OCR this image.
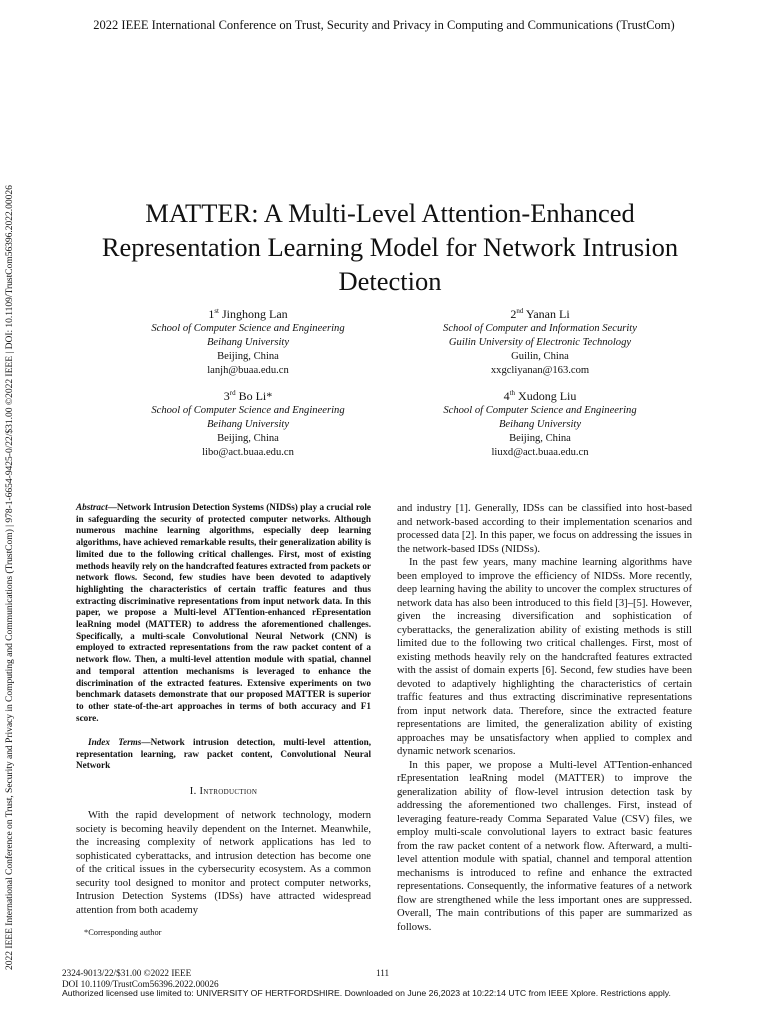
2022 IEEE International Conference on Trust, Security and Privacy in Computing and Communications (TrustCom)
2022 IEEE International Conference on Trust, Security and Privacy in Computing and Communications (TrustCom) | 978-1-6654-9425-0/22/$31.00 ©2022 IEEE | DOI: 10.1109/TrustCom56396.2022.00026	MATTER: A Multi-Level Attention-Enhanced Representation Learning Model for Network Intrusion Detection
1st Jinghong Lan
School of Computer Science and Engineering
Beihang University
Beijing, China
lanjh@buaa.edu.cn
2nd Yanan Li
School of Computer and Information Security
Guilin University of Electronic Technology
Guilin, China
xxgcliyanan@163.com
3rd Bo Li*
School of Computer Science and Engineering
Beihang University
Beijing, China
libo@act.buaa.edu.cn
4th Xudong Liu
School of Computer Science and Engineering
Beihang University
Beijing, China
liuxd@act.buaa.edu.cn
Abstract—Network Intrusion Detection Systems (NIDSs) play a crucial role in safeguarding the security of protected computer networks. Although numerous machine learning algorithms, especially deep learning algorithms, have achieved remarkable results, their generalization ability is limited due to the following critical challenges. First, most of existing methods heavily rely on the handcrafted features extracted from packets or network flows. Second, few studies have been devoted to adaptively highlighting the characteristics of certain traffic features and thus extracting discriminative representations from input network data. In this paper, we propose a Multi-level ATTention-enhanced rEpresentation leaRning model (MATTER) to address the aforementioned challenges. Specifically, a multi-scale Convolutional Neural Network (CNN) is employed to extracted representations from the raw packet content of a network flow. Then, a multi-level attention module with spatial, channel and temporal attention mechanisms is leveraged to enhance the discrimination of the extracted features. Extensive experiments on two benchmark datasets demonstrate that our proposed MATTER is superior to other state-of-the-art approaches in terms of both accuracy and F1 score.
Index Terms—Network intrusion detection, multi-level attention, representation learning, raw packet content, Convolutional Neural Network
I. Introduction

With the rapid development of network technology, modern society is becoming heavily dependent on the Internet. Meanwhile, the increasing complexity of network applications has led to sophisticated cyberattacks, and intrusion detection has become one of the critical issues in the cybersecurity ecosystem. As a common security tool designed to monitor and protect computer networks, Intrusion Detection Systems (IDSs) have attracted widespread attention from both academy

*Corresponding author

and industry [1]. Generally, IDSs can be classified into host-based and network-based according to their implementation scenarios and processed data [2]. In this paper, we focus on addressing the issues in the network-based IDSs (NIDSs).

In the past few years, many machine learning algorithms have been employed to improve the efficiency of NIDSs. More recently, deep learning having the ability to uncover the complex structures of network data has also been introduced to this field [3]–[5]. However, given the increasing diversification and sophistication of cyberattacks, the generalization ability of existing methods is still limited due to the following two critical challenges. First, most of existing methods heavily rely on the handcrafted features extracted with the assist of domain experts [6]. Second, few studies have been devoted to adaptively highlighting the characteristics of certain traffic features and thus extracting discriminative representations from input network data. Therefore, since the extracted feature representations are limited, the generalization ability of existing approaches may be unsatisfactory when applied to complex and dynamic network scenarios.

In this paper, we propose a Multi-level ATTention-enhanced rEpresentation leaRning model (MATTER) to improve the generalization ability of flow-level intrusion detection task by addressing the aforementioned two challenges. First, instead of leveraging feature-ready Comma Separated Value (CSV) files, we employ multi-scale convolutional layers to extract basic features from the raw packet content of a network flow. Afterward, a multi-level attention module with spatial, channel and temporal attention mechanisms is introduced to refine and enhance the extracted representations. Consequently, the informative features of a network flow are strengthened while the less important ones are suppressed. Overall, The main contributions of this paper are summarized as follows.

2324-9013/22/$31.00 ©2022 IEEE
DOI 10.1109/TrustCom56396.2022.00026
111
Authorized licensed use limited to: UNIVERSITY OF HERTFORDSHIRE. Downloaded on June 26,2023 at 10:22:14 UTC from IEEE Xplore. Restrictions apply.
